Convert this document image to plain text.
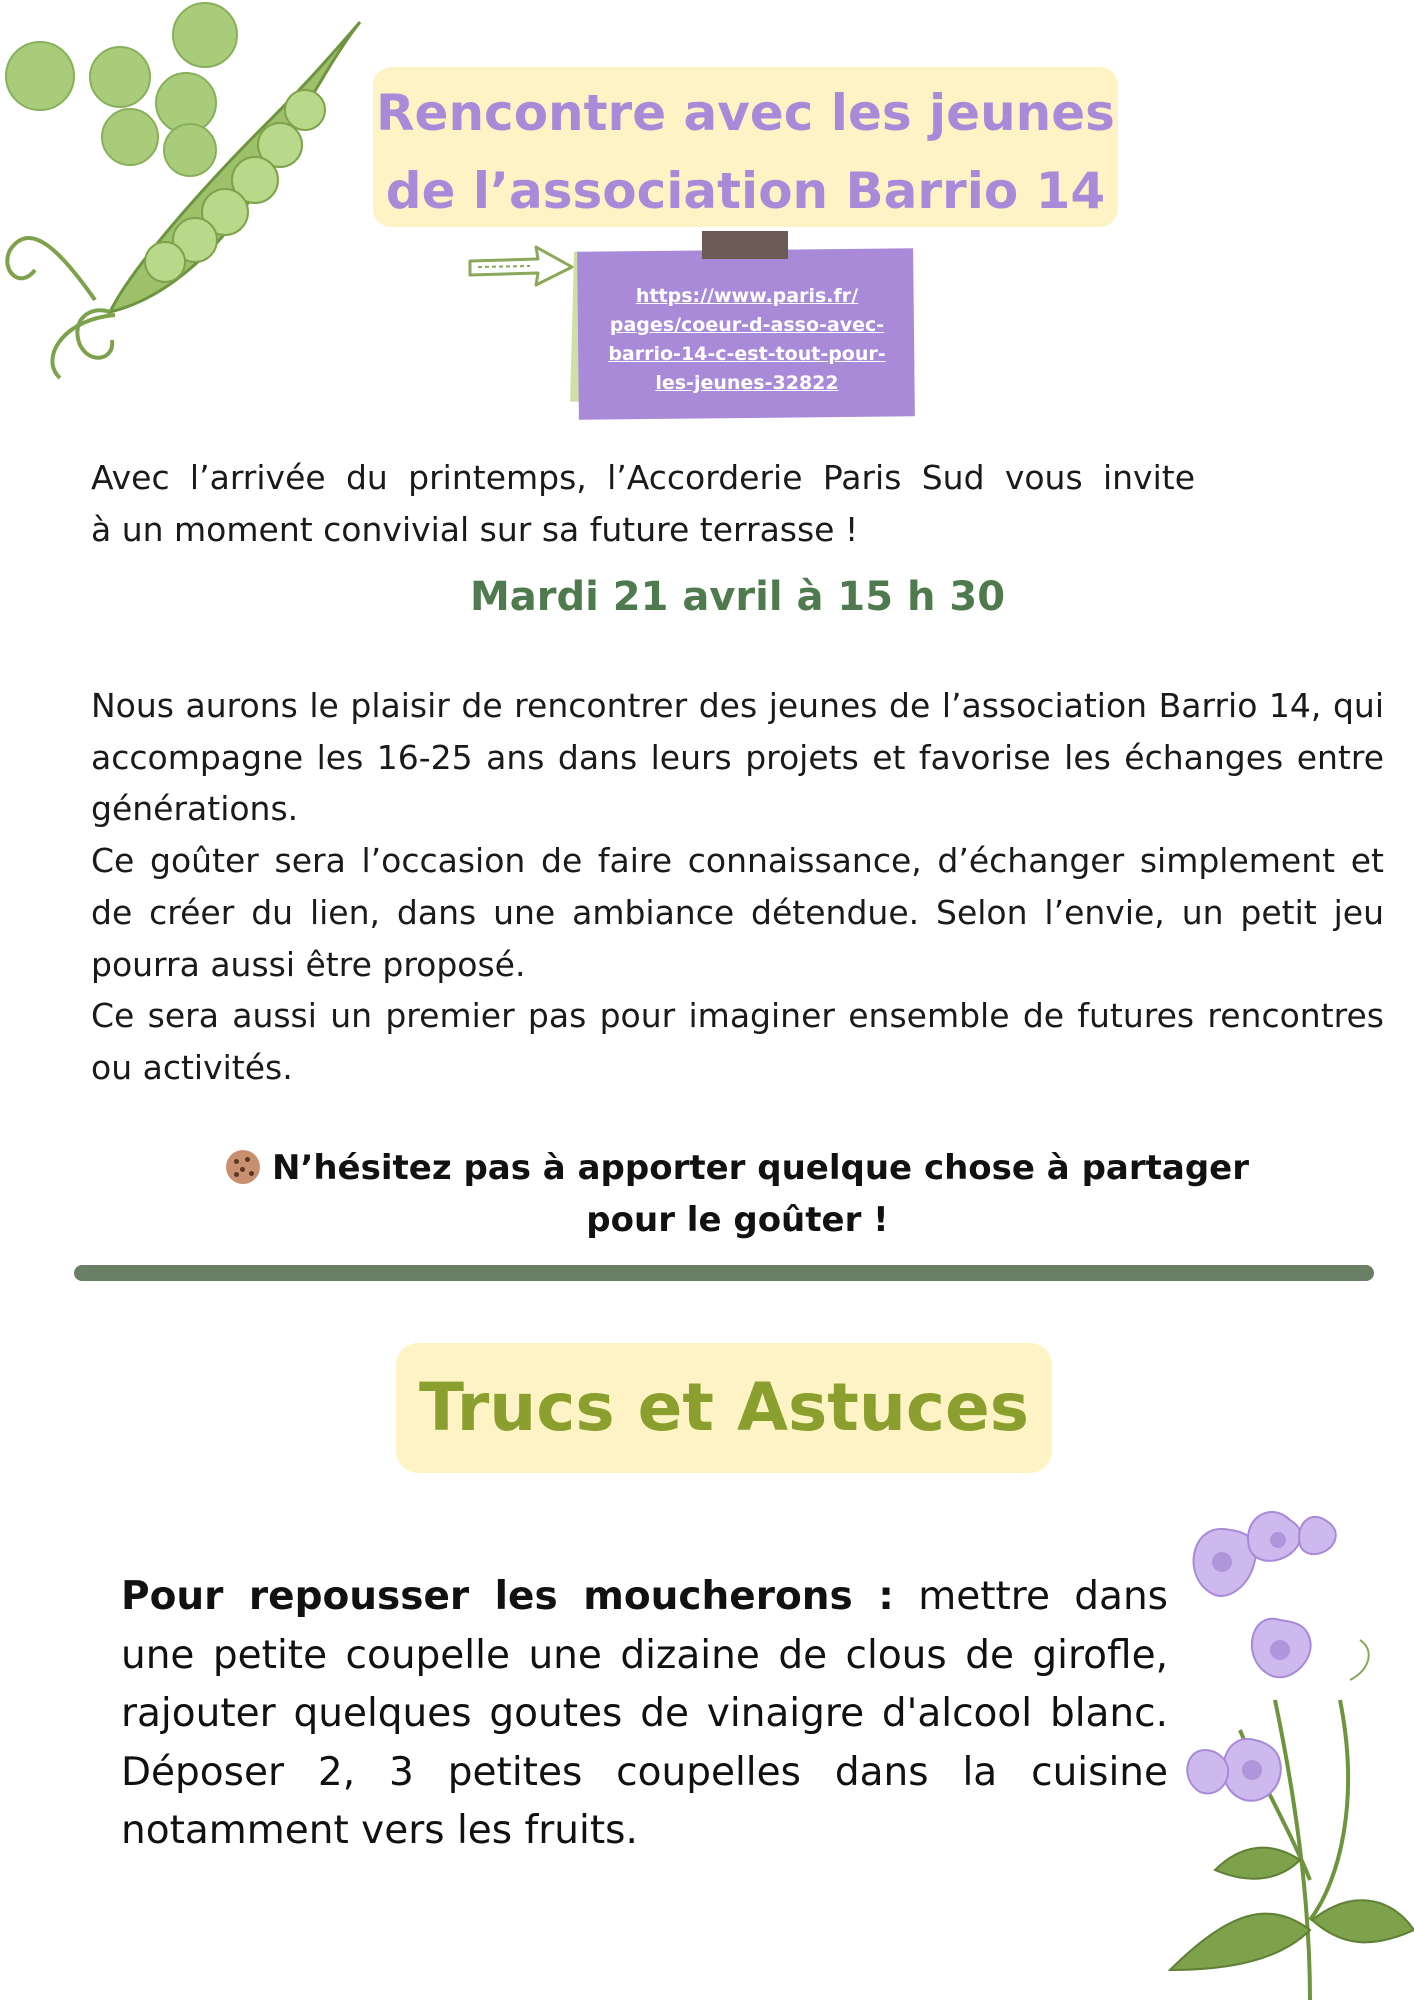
Rencontre avec les jeunes
de l’association Barrio 14
https://www.paris.fr/
pages/coeur-d-asso-avec-
barrio-14-c-est-tout-pour-
les-jeunes-32822
Avec l’arrivée du printemps, l’Accorderie Paris Sud vous invite
à un moment convivial sur sa future terrasse !
Mardi 21 avril à 15 h 30

Nous aurons le plaisir de rencontrer des jeunes de l’association Barrio 14, qui accompagne les 16-25 ans dans leurs projets et favorise les échanges entre générations.

Ce goûter sera l’occasion de faire connaissance, d’échanger simplement et de créer du lien, dans une ambiance détendue. Selon l’envie, un petit jeu pourra aussi être proposé.

Ce sera aussi un premier pas pour imaginer ensemble de futures rencontres ou activités.

N’hésitez pas à apporter quelque chose à partager
pour le goûter !
Trucs et Astuces
Pour repousser les moucherons : mettre dans une petite coupelle une dizaine de clous de girofle, rajouter quelques goutes de vinaigre d'alcool blanc. Déposer 2, 3 petites coupelles dans la cuisine notamment vers les fruits.
